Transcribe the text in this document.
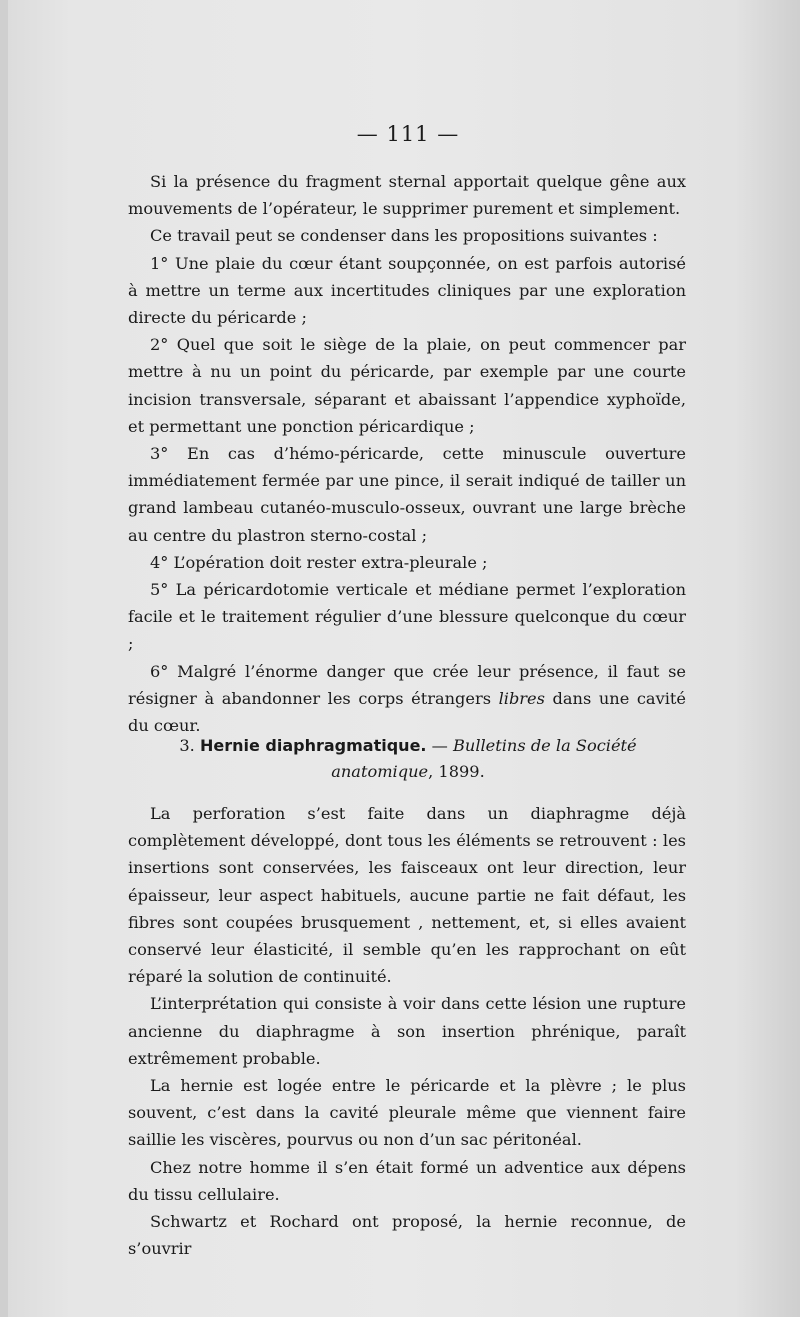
— 111 —

Si la présence du fragment sternal apportait quelque gêne aux mouvements de l’opérateur, le supprimer purement et simplement.

Ce travail peut se condenser dans les propositions suivantes :

1° Une plaie du cœur étant soupçonnée, on est parfois autorisé à mettre un terme aux incertitudes cliniques par une exploration directe du péricarde ;

2° Quel que soit le siège de la plaie, on peut commencer par mettre à nu un point du péricarde, par exemple par une courte incision transversale, séparant et abaissant l’appendice xyphoïde, et permettant une ponction péricardique ;

3° En cas d’hémo-péricarde, cette minuscule ouverture immédiatement fermée par une pince, il serait indiqué de tailler un grand lambeau cutanéo-musculo-osseux, ouvrant une large brèche au centre du plastron sterno-costal ;

4° L’opération doit rester extra-pleurale ;

5° La péricardotomie verticale et médiane permet l’exploration facile et le traitement régulier d’une blessure quelconque du cœur ;

6° Malgré l’énorme danger que crée leur présence, il faut se résigner à abandonner les corps étrangers libres dans une cavité du cœur.

3. Hernie diaphragmatique. — Bulletins de la Société anatomique, 1899.

La perforation s’est faite dans un diaphragme déjà complètement développé, dont tous les éléments se retrouvent : les insertions sont conservées, les faisceaux ont leur direction, leur épaisseur, leur aspect habituels, aucune partie ne fait défaut, les fibres sont coupées brusquement , nettement, et, si elles avaient conservé leur élasticité, il semble qu’en les rapprochant on eût réparé la solution de continuité.

L’interprétation qui consiste à voir dans cette lésion une rupture ancienne du diaphragme à son insertion phrénique, paraît extrêmement probable.

La hernie est logée entre le péricarde et la plèvre ; le plus souvent, c’est dans la cavité pleurale même que viennent faire saillie les viscères, pourvus ou non d’un sac péritonéal.

Chez notre homme il s’en était formé un adventice aux dépens du tissu cellulaire.

Schwartz et Rochard ont proposé, la hernie reconnue, de s’ouvrir
